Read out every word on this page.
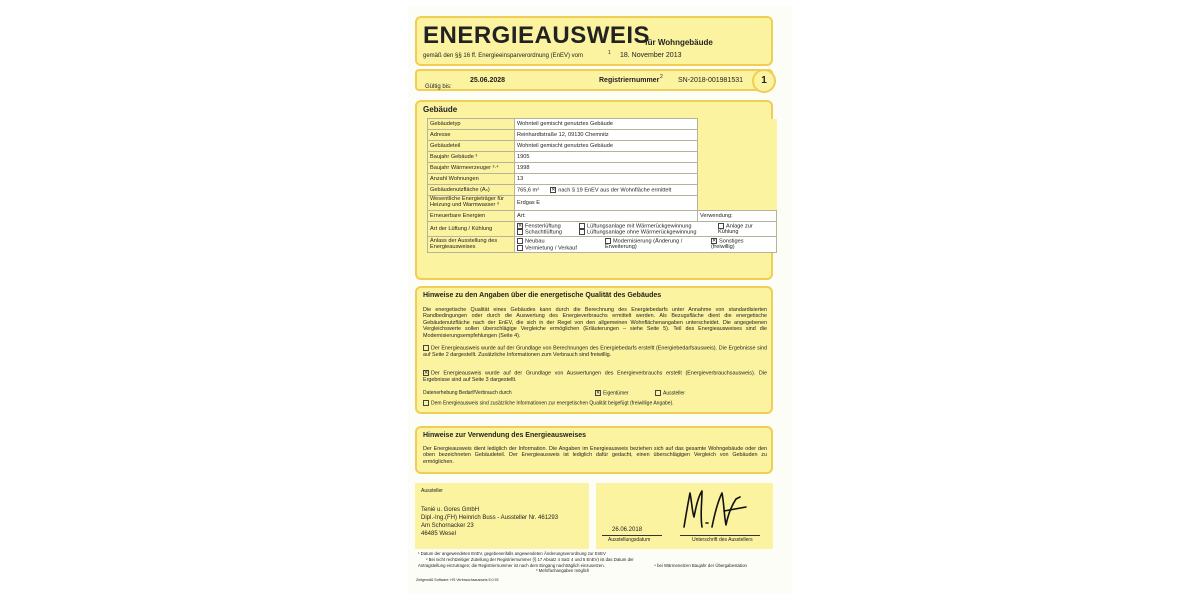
ENERGIEAUSWEIS
für Wohngebäude
gemäß den §§ 16 ff. Energieeinsparverordnung (EnEV) vom	1 18. November 2013
Gültig bis:
25.06.2028	Registriernummer 2 SN-2018-001981531	1
Gebäude
Gebäudetyp	Wohnteil gemischt genutztes Gebäude	
Adresse	Reinhardtstraße 12, 09130 Chemnitz	
Gebäudeteil	Wohnteil gemischt genutztes Gebäude	
Baujahr Gebäude ³	1905	
Baujahr Wärmeerzeuger ³·⁴	1998	
Anzahl Wohnungen	13	
Gebäudenutzfläche (Aₙ)	765,6 m² ✕ nach § 19 EnEV aus der Wohnfläche ermittelt	
Wesentliche Energieträger für Heizung und Warmwasser ³	Erdgas E	
Erneuerbare Energien	Art:	Verwendung:
Art der Lüftung / Kühlung	✕ Fensterlüftung
Schachtlüftung
Lüftungsanlage mit Wärmerückgewinnung
Lüftungsanlage ohne Wärmerückgewinnung
Anlage zur Kühlung	

Anlass der Ausstellung des Energieausweises	Neubau
Vermietung / Verkauf
Modernisierung (Änderung / Erweiterung)
✕ Sonstiges (freiwillig)	
Hinweise zu den Angaben über die energetische Qualität des Gebäudes
Die energetische Qualität eines Gebäudes kann durch die Berechnung des Energiebedarfs unter Annahme von standardisierten Randbedingungen oder durch die Auswertung des Energieverbrauchs ermittelt werden. Als Bezugsfläche dient die energetische Gebäudenutzfläche nach der EnEV, die sich in der Regel von den allgemeinen Wohnflächenangaben unterscheidet. Die angegebenen Vergleichswerte sollen überschlägige Vergleiche ermöglichen (Erläuterungen – siehe Seite 5). Teil des Energieausweises sind die Modernisierungsempfehlungen (Seite 4).
Der Energieausweis wurde auf der Grundlage von Berechnungen des Energiebedarfs erstellt (Energiebedarfsausweis). Die Ergebnisse sind auf Seite 2 dargestellt. Zusätzliche Informationen zum Verbrauch sind freiwillig.
✕ Der Energieausweis wurde auf der Grundlage von Auswertungen des Energieverbrauchs erstellt (Energieverbrauchsausweis). Die Ergebnisse sind auf Seite 3 dargestellt.
Datenerhebung Bedarf/Verbrauch durch	✕ Eigentümer	Aussteller
Dem Energieausweis sind zusätzliche Informationen zur energetischen Qualität beigefügt (freiwillige Angabe).
Hinweise zur Verwendung des Energieausweises
Der Energieausweis dient lediglich der Information. Die Angaben im Energieausweis beziehen sich auf das gesamte Wohngebäude oder den oben bezeichneten Gebäudeteil. Der Energieausweis ist lediglich dafür gedacht, einen überschlägigen Vergleich von Gebäuden zu ermöglichen.
Aussteller
Tenié u. Gores GmbH
Dipl.-Ing.(FH) Heinrich Buss - Aussteller Nr. 461293
Am Schornacker 23
46485 Wesel
26.06.2018
Ausstellungsdatum	Unterschrift des Ausstellers
¹ Datum der angewendeten EnEV, gegebenenfalls angewendeten Änderungsverordnung zur EnEV
² Bei nicht rechtzeitiger Zuteilung der Registriernummer (§ 17 Absatz 4 Satz 4 und 5 EnEV) ist das Datum der Antragstellung einzutragen; die Registriernummer ist nach dem Eingang nachträglich einzusetzen.
³ Mehrfachangaben möglich
⁴ bei Wärmenetzen Baujahr der Übergabestation
Zeitgemäß Software: HS Verbrauchsausweis 5.0.93
